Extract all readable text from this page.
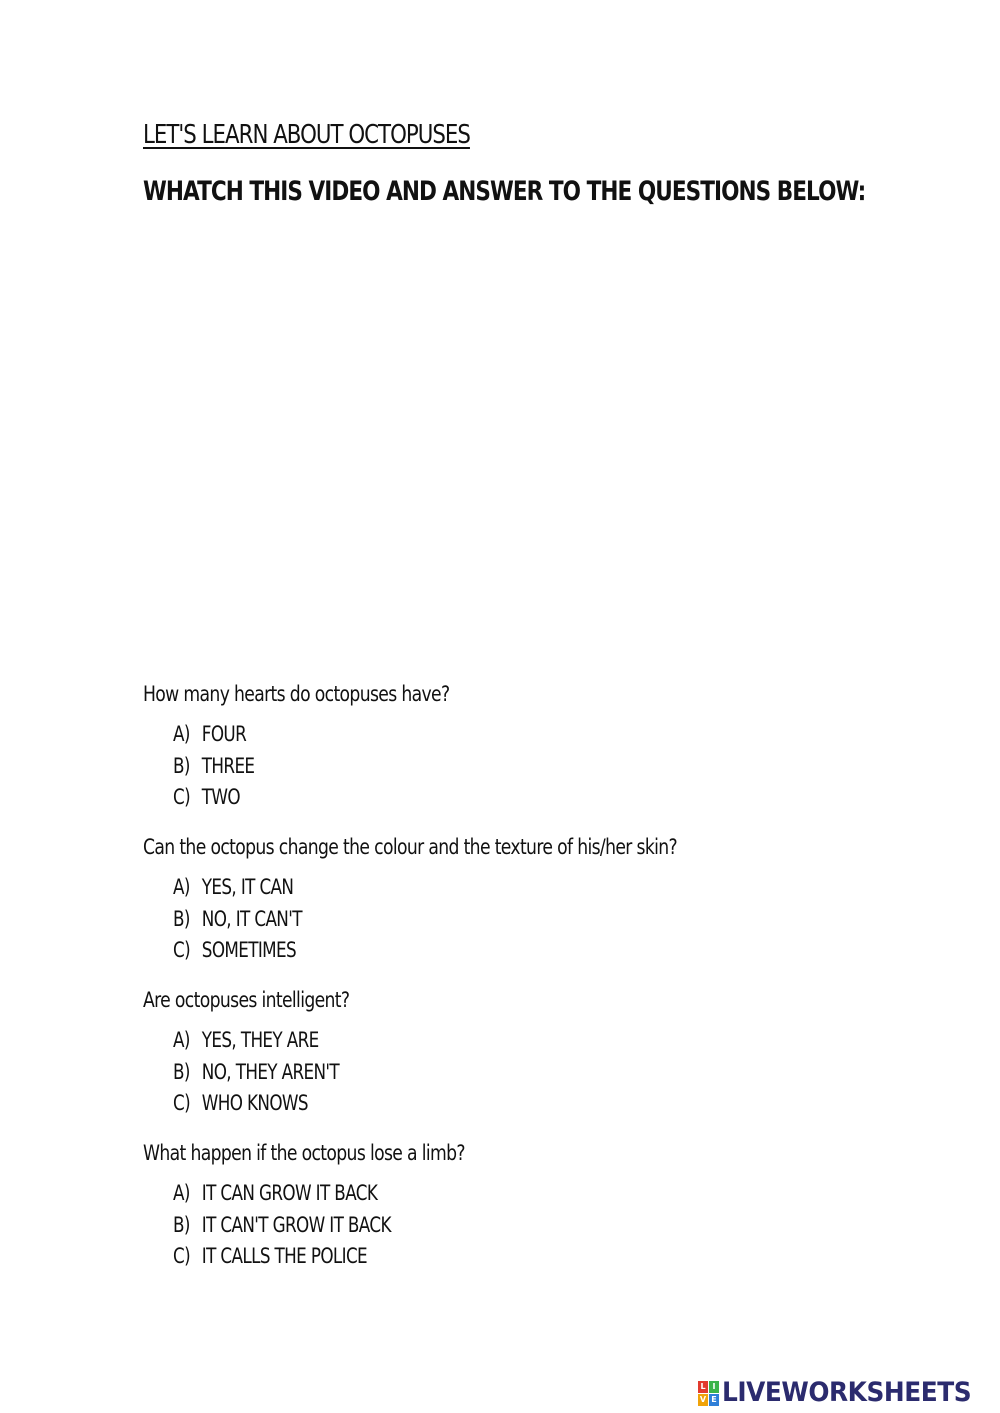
LET'S LEARN ABOUT OCTOPUSES
WHATCH THIS VIDEO AND ANSWER TO THE QUESTIONS BELOW:
How many hearts do octopuses have?
A) FOUR
B) THREE
C) TWO
Can the octopus change the colour and the texture of his/her skin?
A) YES, IT CAN
B) NO, IT CAN'T
C) SOMETIMES
Are octopuses intelligent?
A) YES, THEY ARE
B) NO, THEY AREN'T
C) WHO KNOWS
What happen if the octopus lose a limb?
A) IT CAN GROW IT BACK
B) IT CAN'T GROW IT BACK
C) IT CALLS THE POLICE
L I
V E LIVEWORKSHEETS
